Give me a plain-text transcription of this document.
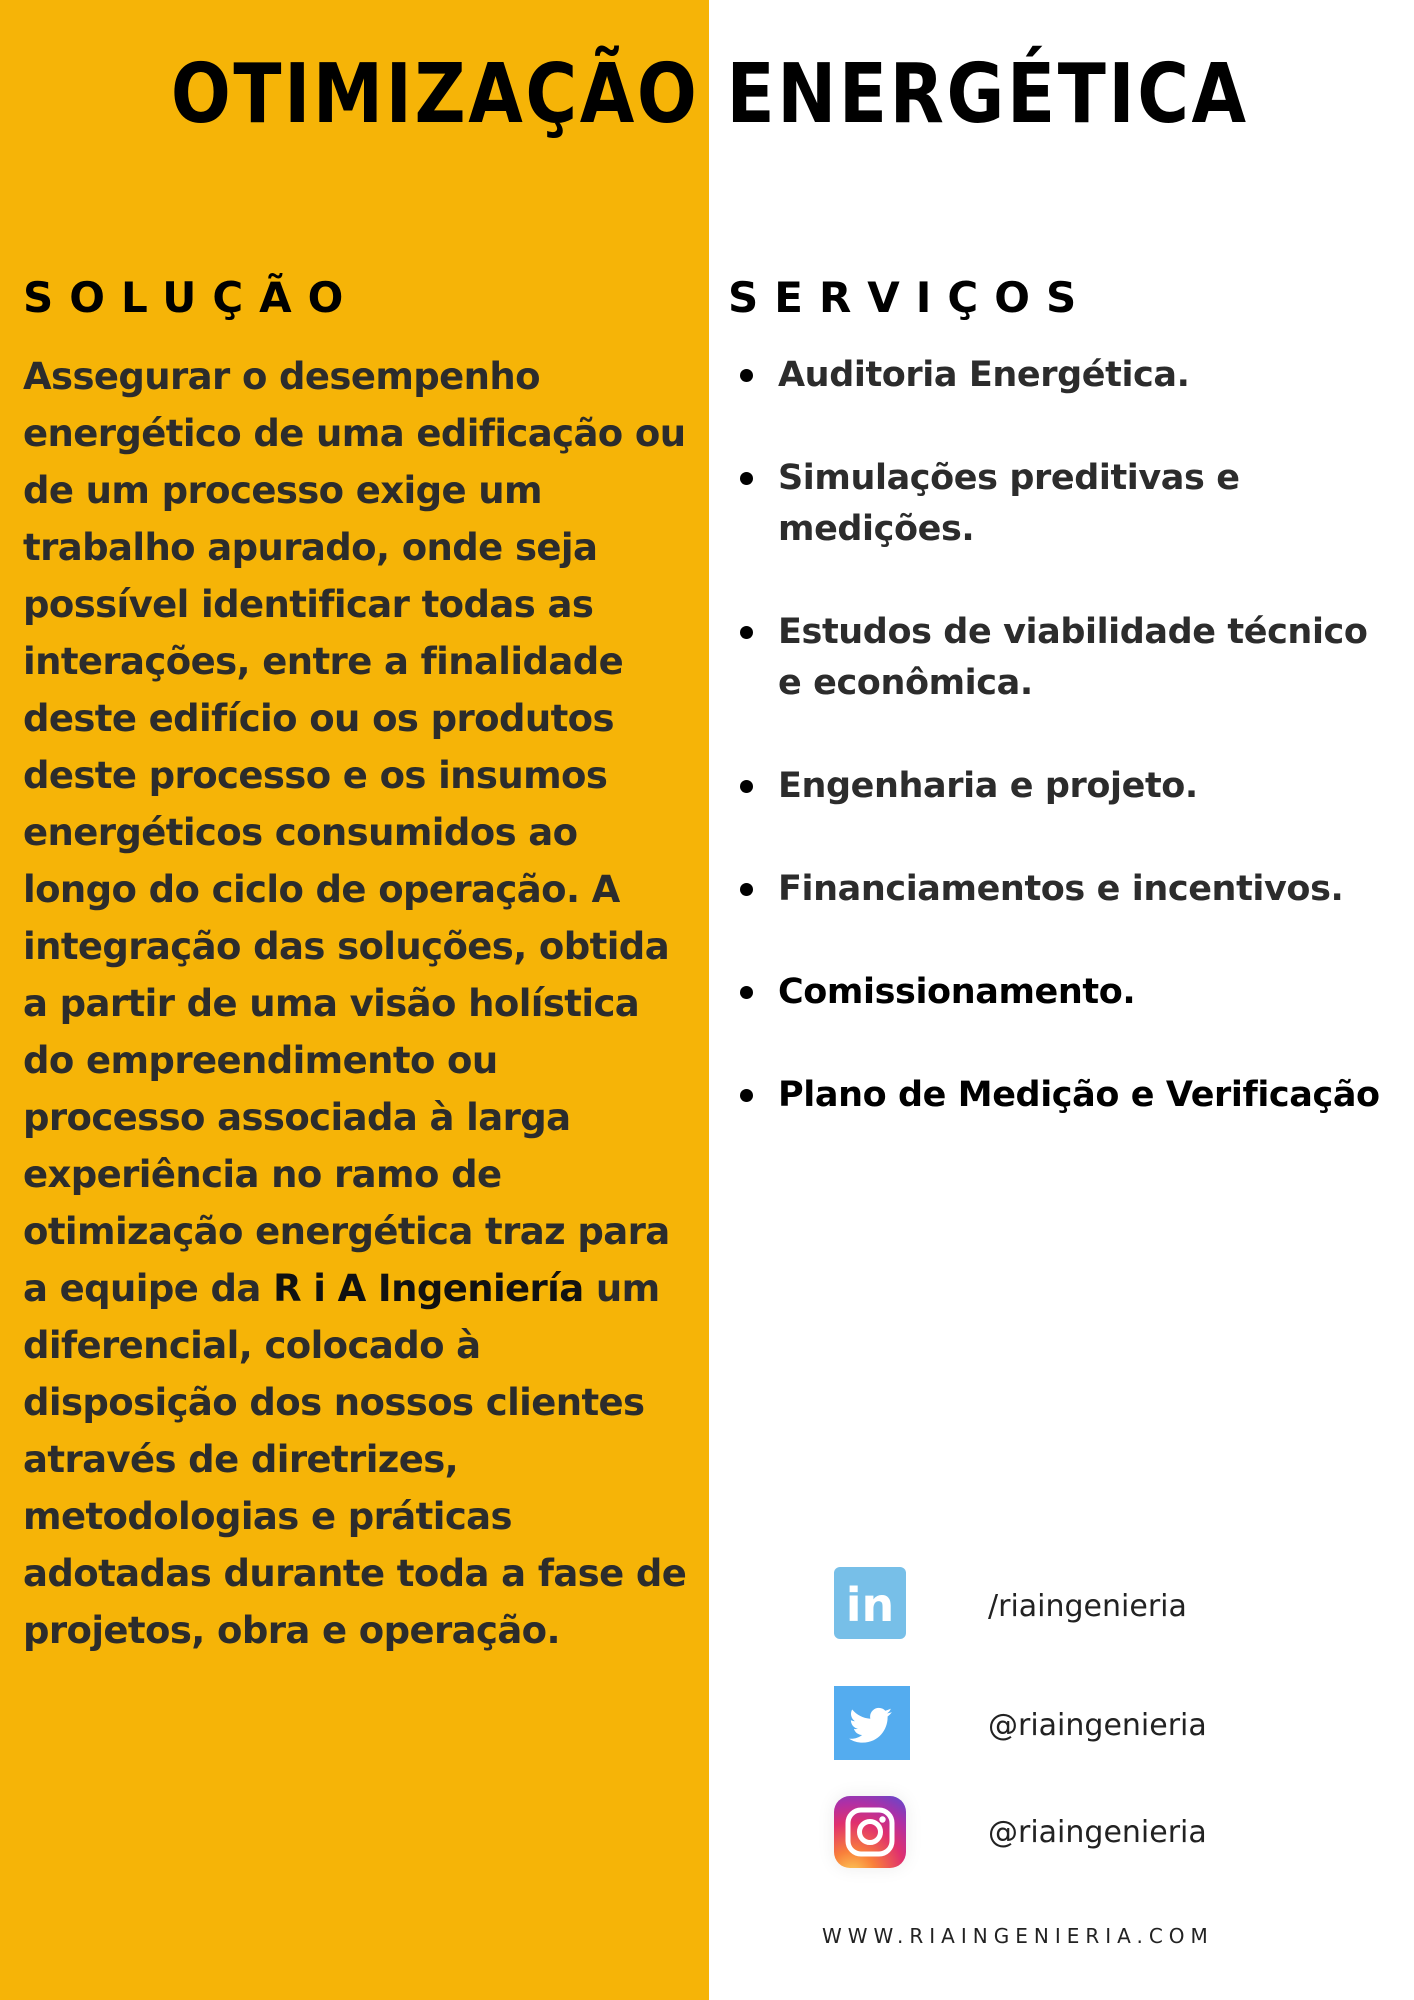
OTIMIZAÇÃO ENERGÉTICA
SOLUÇÃO	SERVIÇOS

Assegurar o desempenho energético de uma edificação ou de um processo exige um trabalho apurado, onde seja possível identificar todas as interações, entre a finalidade deste edifício ou os produtos deste processo e os insumos energéticos consumidos ao longo do ciclo de operação. A integração das soluções, obtida a partir de uma visão holística do empreendimento ou processo associada à larga experiência no ramo de otimização energética traz para a equipe da R i A Ingeniería um diferencial, colocado à disposição dos nossos clientes através de diretrizes, metodologias e práticas adotadas durante toda a fase de projetos, obra e operação.

Auditoria Energética.
Simulações preditivas e medições.
Estudos de viabilidade técnico e econômica.
Engenharia e projeto.
Financiamentos e incentivos.
Comissionamento.
Plano de Medição e Verificação
in	/riaingenieria
@riaingenieria
@riaingenieria
WWW.RIAINGENIERIA.COM
